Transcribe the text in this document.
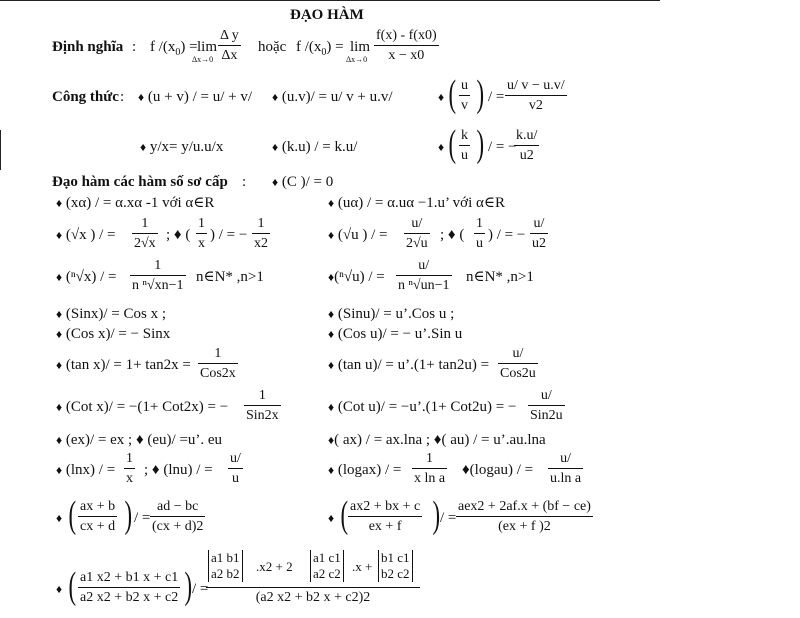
ĐẠO HÀM
Định nghĩa : f $/(x_0) = \lim$
$\Delta x\to 0 \frac{\text{Δ y}}{\Delta x}$ hoặc f $/(x_0) = \lim$
$\Delta x\to 0 \frac{f(x) - f(x0)}{x - x0}$
Công thức : ♦ (u + v) / = u/ + v/ ♦ (u.v)/ = u/ v + u.v/	♦ ( $\frac{u}{v}$ ) / = $\frac{u/ v - u.v/}{v2}$
♦ y/x= y/u.u/x	♦ (k.u) / = k.u/	♦ ( $\frac{k}{u}$ ) / = −
$\frac{k.u/}{u2}$
Đạo hàm các hàm số sơ cấp : ♦ (C )/ = 0
♦ (xα) / = α.xα -1 với α∈R	♦ (uα) / = α.uα −1.u’ với α∈R
♦ (√x ) / = $\frac{1}{2√x}$ ; ♦ ( $\frac{1}{x}$ ) / = − $\frac{1}{x2}$	♦ (√u ) / = $\frac{u/}{2√u}$ ; ♦ ( $\frac{1}{u}$ ) / = − $\frac{u/}{u2}$
♦ (ⁿ√x) / = $\frac{1}{\text{n ⁿ√xn−1}}$ n∈N* ,n>1	♦(ⁿ√u) / = $\frac{u/}{\text{n ⁿ√un−1}}$ n∈N* ,n>1
♦ (Sinx)/ = Cos x ;	♦ (Sinu)/ = u’.Cos u ;
♦ (Cos x)/ = − Sinx	♦ (Cos u)/ = − u’.Sin u
♦ (tan x)/ = 1+ tan2x =
1
Cos2x
♦ (tan u)/ = u’.(1+ tan2u) =
u/
Cos2u
♦ (Cot x)/ = −(1+ Cot2x) = −
1
Sin2x
♦ (Cot u)/ = −u’.(1+ Cot2u) = −
u/
Sin2u
♦ (ex)/ = ex ; ♦ (eu)/ =u’. eu	♦( ax) / = ax.lna ; ♦( au) / = u’.au.lna
♦ (lnx) / = $\frac{1}{x}$ ; ♦ (lnu) / = $\frac{u/}{u}$	♦ (logax) / = $\frac{1}{\text{x ln a}}$ ♦(logau) / = $\frac{u/}{\text{u.ln a}}$
♦ ( $\frac{ax + b}{cx + d}$ ) / = $\frac{ad - bc}{(cx + d)2}$	♦ ( $\frac{ax2 + bx + c}{ex + f}$ ) / =
aex2 + 2af.x + (bf − ce)
(ex + f )2
♦ ( $\frac{a1 x2 + b1 x + c1}{a2 x2 + b2 x + c2}$ ) / =
a1 b1
a2 b2 .x2 + 2
a1 c1
a2 c2 .x +
b1 c1
b2 c2
(a2 x2 + b2 x + c2)2
